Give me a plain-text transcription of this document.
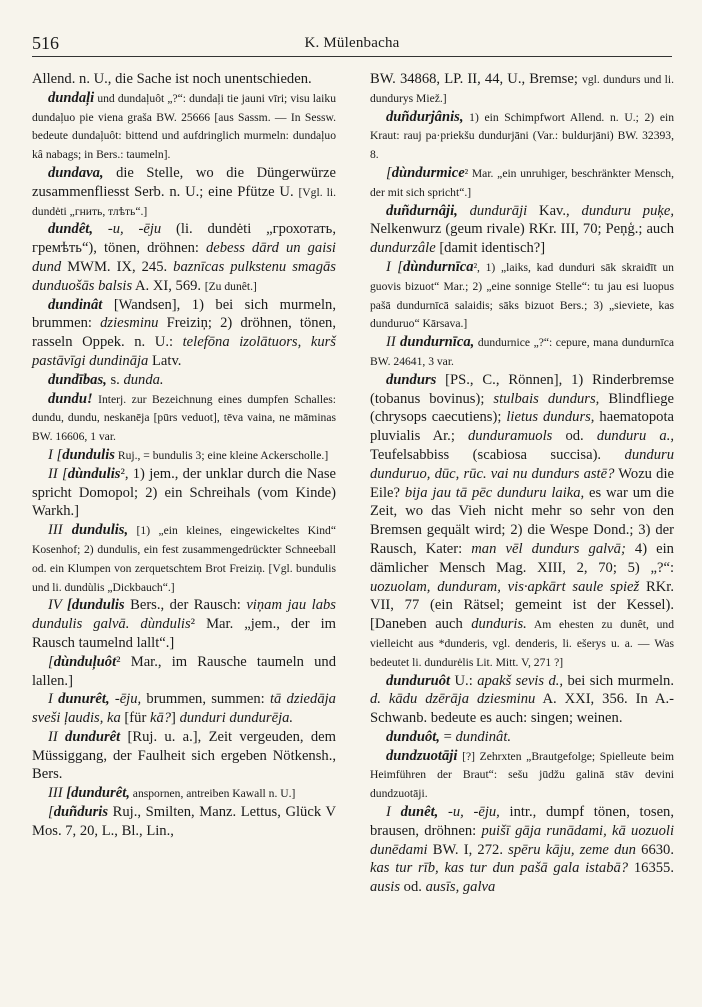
516	K. Mülenbacha
Allend. n. U., die Sache ist noch unentschieden.
dundaļi und dundaļuôt „?“: dundaļi tie jauni vīri; visu laiku dundaļuo pie viena graša BW. 25666 [aus Sassm. — In Sessw. bedeute dundaļuôt: bittend und aufdringlich murmeln: dundaļuo kâ nabags; in Bers.: taumeln].
dundava, die Stelle, wo die Düngerwürze zusammenfliesst Serb. n. U.; eine Pfütze U. [Vgl. li. dundėti „гнить, тлѣть“.]
dundêt, -u, -ēju (li. dundėti „грохотать, гремѣть“), tönen, dröhnen: debess dārd un gaisi dund MWM. IX, 245. baznīcas pulkstenu smagās dunduošās balsis A. XI, 569. [Zu dunêt.]
dundinât [Wandsen], 1) bei sich murmeln, brummen: dziesminu Freiziņ; 2) dröhnen, tönen, rasseln Oppek. n. U.: telefōna izolātuors, kurš pastāvīgi dundināja Latv.
dundības, s. dunda.
dundu! Interj. zur Bezeichnung eines dumpfen Schalles: dundu, dundu, neskanēja [pūrs veduot], tēva vaina, ne māminas BW. 16606, 1 var.
I [dundulis Ruj., = bundulis 3; eine kleine Ackerscholle.]
II [dùndulis², 1) jem., der unklar durch die Nase spricht Domopol; 2) ein Schreihals (vom Kinde) Warkh.]
III dundulis, [1) „ein kleines, eingewickeltes Kind“ Kosenhof; 2) dundulis, ein fest zusammengedrückter Schneeball od. ein Klumpen von zerquetschtem Brot Freiziņ. [Vgl. bundulis und li. dundùlis „Dickbauch“.]
IV [dundulis Bers., der Rausch: viņam jau labs dundulis galvā. dùndulis² Mar. „jem., der im Rausch taumelnd lallt“.]
[dùnduļuôt² Mar., im Rausche taumeln und lallen.]
I dunurêt, -ēju, brummen, summen: tā dziedāja sveši ļaudis, ka [für kā?] dunduri dundurēja.
II dundurêt [Ruj. u. a.], Zeit vergeuden, dem Müssiggang, der Faulheit sich ergeben Nötkensh., Bers.
III [dundurêt, anspornen, antreiben Kawall n. U.]
[duñduris Ruj., Smilten, Manz. Lettus, Glück V Mos. 7, 20, L., Bl., Lin.,
BW. 34868, LP. II, 44, U., Bremse; vgl. dundurs und li. dundurys Miež.]
duñdurjânis, 1) ein Schimpfwort Allend. n. U.; 2) ein Kraut: rauj pa·priekšu dundurjāni (Var.: buldurjāni) BW. 32393, 8.
[dùndurmice² Mar. „ein unruhiger, beschränkter Mensch, der mit sich spricht“.]
duñdurnâji, dundurāji Kav., dunduru puķe, Nelkenwurz (geum rivale) RKr. III, 70; Peņģ.; auch dundurzâle [damit identisch?]
I [dùndurnīca², 1) „laiks, kad dunduri sāk skraidīt un guovis bizuot“ Mar.; 2) „eine sonnige Stelle“: tu jau esi luopus pašā dundurnīcā salaidis; sāks bizuot Bers.; 3) „sieviete, kas dunduruo“ Kārsava.]
II dundurnīca, dundurnice „?“: cepure, mana dundurnīca BW. 24641, 3 var.
dundurs [PS., C., Rönnen], 1) Rinderbremse (tobanus bovinus); stulbais dundurs, Blindfliege (chrysops caecutiens); lietus dundurs, haematopota pluvialis Ar.; dunduramuols od. dunduru a., Teufelsabbiss (scabiosa succisa). dunduru dunduruo, dūc, rūc. vai nu dundurs astē? Wozu die Eile? bija jau tā pēc dunduru laika, es war um die Zeit, wo das Vieh nicht mehr so sehr von den Bremsen gequält wird; 2) die Wespe Dond.; 3) der Rausch, Kater: man vēl dundurs galvā; 4) ein dämlicher Mensch Mag. XIII, 2, 70; 5) „?“: uozuolam, dunduram, vis·apkārt saule spiež RKr. VII, 77 (ein Rätsel; gemeint ist der Kessel). [Daneben auch dunduris. Am ehesten zu dunêt, und vielleicht aus *dunderis, vgl. denderis, li. ešerys u. a. — Was bedeutet li. dundurėlis Lit. Mitt. V, 271 ?]
dunduruôt U.: apakš sevis d., bei sich murmeln. d. kādu dzērāja dziesminu A. XXI, 356. In A.-Schwanb. bedeute es auch: singen; weinen.
dunduôt, = dundinât.
dundzuotāji [?] Zehrxten „Brautgefolge; Spielleute beim Heimführen der Braut“: sešu jūdžu galinā stāv devini dundzuotāji.
I dunêt, -u, -ēju, intr., dumpf tönen, tosen, brausen, dröhnen: puišī gāja runādami, kā uozuoli dunēdami BW. I, 272. spēru kāju, zeme dun 6630. kas tur rīb, kas tur dun pašā gala istabā? 16355. ausis od. ausīs, galva
